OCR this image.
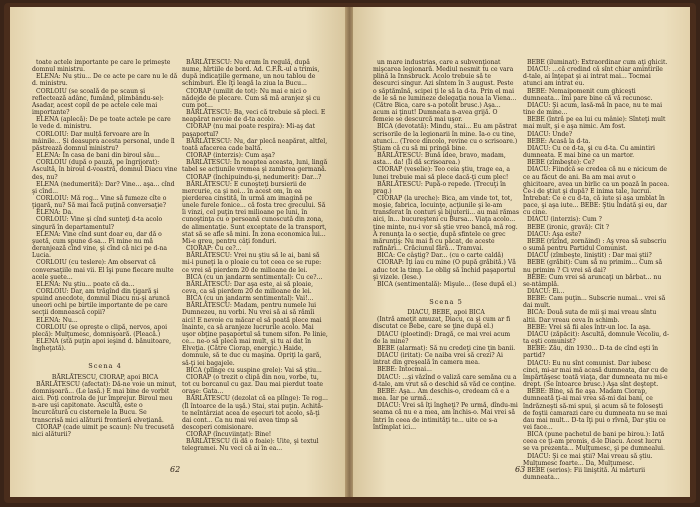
toate actele importante pe care le primește domnul ministru.

ELENA: Nu știu... De ce acte pe care nu le dă d. ministru.

CORLOIU (se scoală de pe scaun și reflectează adânc, fumând, plimbându-se): Asadar, acest copil de pe actele cele mai importante?

ELENA (aplecă): De pe toate actele pe care le vede d. ministru.

CORLOIU: Dar mulță fervoare are în mâinile... Și deasupra acesta personal, unde îl păstrează domnul ministru?

ELENA: În casa de bani din biroul său...

CORLOIU (după o pauză, pe îngrijorat): Ascultă, în biroul d-voastră, domnul Diacu vine des, nu?

ELENA (nedumerită): Dar? Vine... aşa... cînd şi cînd...

CORLOIU: Mă rog... Vine să fumeze cîte o ţigară, nu? Să mai facă puţină conversaţie?

ELENA: Da.

CORLOIU: Vine şi cînd sunteţi d-ta acolo singură în departamentul?

ELENA: Vine cînd sunt doar eu, dar dă o şuetă, cum spune d-sa... Fi mine nu mă deranjează cînd vine, şi cînd că nici pe d-na Lucia.

CORLOIU (cu teslere): Am observat că conversaţiile mai vii. El îşi pune fiecare multe acele şuete...

ELENA: Nu ştiu... poate că da...

CORLOIU: Dar, am trăgînd din ţigară şi spuind anecdote, domnul Diacu nu-şi aruncă uneori ochi pe birtile importante de pe care secţii domnească copii?

ELENA: Nu...

CORLOIU (se opreşte o clipă, nervos, apoi plecă): Mulţumesc, domnişoară. (Pleacă.)

ELENA (stă puţin apoi ieşind d. bănuitoare, îngheţată).

Scena 4

BĂRLĂTESCU, CIORAP, apoi BICA

BĂRLĂTESCU (afectat): Dă-ne voie un minut, domnişoară... (Le lasă.) E mai bine de vorbit aici. Poţi controla de jur împrejur. Biroul meu n-are uşi capitonate. Ascultă, este o încurcătură cu cisternele la Bucu. Se transcrisă mici alăturii frontieră elveţiană.

CIORAP (cade uimit pe scaun): Nu trecusetă nici alăturii?

BĂRLĂTESCU: Nu eram în regulă, după nume, hîrtiile de bord. Ad. C.F.R.-ul a trimis, după indicaţiile germane, un nou tablou de schimburi. Ele îţi leagă la ziua la Bucu...

CIORAP (umilit de tot): Nu mai e nici o nădejde de plecare. Cum să mă aranjez şi cu cum pot...

BĂRLĂTESCU: Ba, veci că trebuie să pleci. E neapărat nevoie de d-ta acolo.

CIORAP (nu mai poate respira): Mi-aş dat paşaportul?

BĂRLĂTESCU: Nu, dar plecă neapărat, altfel, toată afacerea cade baltă.

CIORAP (interzis): Cum aşa?

BĂRLĂTESCU: În noaptea aceasta, luni, lingă tabel se acțiunile vremea şi zambrea germană.

CIORAP (închipuindu-şi, nedumerit): Dar...?

BĂRLĂTESCU: E cunoşteţi bursierii de mercurie, ca şi noi... în acest om, în ea pierderea cinstită, în urmă am imagină pe unele furele fonice... că fosta trec grecului. Să îi vinzi, cel puţin trei milioane pe luni, în cunoştinţa cu o persoană cunoscută din zona, de alimentaţie. Sunt exceptate de la transport, stat să se afle să mini. În zona economica lui... Mi-e greu, pentru câţi fonduri.

CIORAP: Cu ce?...

BĂRLĂTESCU: Vrei nu ştiu să le ai, bani să mi-i puneţi la o ploaie cu tot ceea ce se rupe: ce vrei să pierdem 20 de milioane de lei.

BICA (cu un jandarm sentimental): Cu ce?...

BĂRLĂTESCU: Dar aşa este, ai să ploaie, ceva, ca să pierdem 20 de milioane de lei.

BICA (cu un jandarm sentimental): Vai!...

BĂRLĂTESCU: Madam, pentru numele lui Dumnezeu, nu vorbi. Nu vrei să ai să rămîi aici! E nevoie cu măcar el să poată plece mai înainte, ca să aranjeze lucrurile acolo. Mai uşor obţine paşaportul să tunem sifon. Pe linie, ce... ne-o să plecă mai mult, şi tu ai dat în Elveţia. (Către Ciorap, energic.) Haide, domnule, să te duc cu maşina. Opriţi la gară, să-ţi iei bagajele.

BICA (plînge cu suspine grele): Vai să ştiu...

CIORAP (o trezit o clipă din nou, vorbe, tu, tot cu borcanul cu gaz. Dau mai pierdut toate oraşe: Gata...

BĂRLĂTESCU (dezolat că ea plînge): Te rog... (Îl întoarce de la uşă.) Stai, stai puţin. Achită-te neîntârziat acea de eşecuri tot acolo, să-ţi dai cont... Ca nu mai vei avea timp să descoperi comisionare.

CIORAP (încuviinţat): Bine!

BĂRLĂTESCU (îi dă o foaie): Uite, şi textul telegramei. Nu veci că ai în ea...

62

un mare industrias, care a subvenţionat mişcarea legionară. Mediul nesmit tu ce vara plină la Innsbruck. Acolo trebuie să te descurci singur. Azi sîntem în 3 august. Peste o săptămînă, scipei ţi le să la d-ta. Prin el mai de le să ne lumineze delegaţia noua la Viena... (Către Bica, care s-a potolit brusc.) Aşa... acum ai ţinut! Dumneata n-avea grijă. O femeie se descurcă mai uşor.

BICA (devotată): Mindu, stai... Eu am păstrat scrisorile de la legionarii în mine. Ia-o cu tine, atunci... (Trece dincolo, revine cu o scrisoare.) Ştiam că cu să mi pringă bine.

BĂRLĂTESCU: Bună idee, bravo, madam, asta... da! (Îi dă scrisoarea.)

CIORAP (veselie): Teo ceia ştiu, trage ea, a lunei trebuie mai să plece dacă-ţi cum plec!

BĂRLĂTESCU: Pupă-o repede. (Trecuţi în prag.)

CIORAP (la ureche): Bica, am vinde tot, tot, moşie, fabrica, locuinţe, acţiunile şi le-am transferat în conturi şi bijuterii... au mai rămas aici, în... bucureşteni cu Bursa... Viaţa acolo... ţine minte, nu-i vor să ştie vreo bancă, mă rog. A renunţa la o secţie, după sfintele ce grec mărunţiş: Nu mai fi cu păcat, de aceste rafinări... Crăciunul fără... Tramvai.

BICA: Ce câştig? Dar... (cu o carte caldă)

CIORAP: Îţi iau cu mine (O pupă grăbită.) Vă aduc tot la timp. Le oblig să închid paşaportul şi vizele. (Iese.)

BICA (sentimentală): Mişule... (Iese după el.)

Scena 5

DIACU, BEBE, apoi BICA

(Intră ameţit amuzat, Diacu, ca şi cum ar fi discutat ce Bebe, care se ţine după el.)

DIACU (ploetind): Dragă, ce mai vrei acum de la mine?

BEBE (alarmat): Să nu credeţi cine ţin banii.

DIACU (iritat): Ce naiba vrei să crezi? Ai intrat din greşeală în camera mea.

BEBE: Intocmai...

DIACU: ...şi văzînd o valiză care semăna cu a d-tale, am vrut să o deschid să văd ce conţine.

BEBE: Aşa... Am deschis-o, credeam că e a mea. Iar pe urmă...

DIACU: Vrei să îţi îngheţi? Pe urmă, dîndu-mi seama că nu e a mea, am închis-o. Mai vrei să întri în ceea de intimităţi te... uite ce s-a întîmplat ici...

BEBE (iluminat): Extraordinar cum aţi ghicit.

DIACU: ...că credind că sînt chiar amintirile d-tale, ai înţepat şi ai intrat mai... Tocmai atunci am intrat eu.

BEBE: Nemaipomenit cum ghiceşti dumneata... îmi pare bine că vă recunosc.

DIACU: Şi acum, lasă-mă în pace, nu te mai tine de mine...

BEBE (întră pe ea lui cu mânie): Sînteţi mult mai mult, şi e aşa nimic. Am fost.

DIACU: Unde?

BEBE: Acasă la d-ta.

DIACU: Cu ce d-ta, şi cu d-ta. Cu amintiri dumneata. E mai bine ca un martor.

BEBE (zîmbeşte): Ce?

DIACU: Fiindcă se credea că nu e nicicum de ce au făcut de ani. Ba am mai avut o ghicitoare, avea un birlic ca un poază în pacea. Ce-i de ştiut şi după? E inima tale, lucrui. Întrebat: Ce e cu d-ta, că iute şi aşa umblat în pace, şi aşa iute... BEBE: Ştiu îndată şi eu, dar cu cine.

DIACU (interzis): Cum ?

BEBE (ironic, gravă): Cît ?

DIACU: Aşa este?

BEBE (rîzînd, zornăind) : Aş vrea să subscriu o sumă pentru Partidul Comunist.

DIACU (zîmbeşte, liniştit) : Dar mai ştii?

BEBE (grăbit): Cum să nu primim... Cum să nu primim ? Ci vrei să dai?

BEBE: Cum vrei să aruncaţi un bărbat... nu se-ntâmplă.

DIACU: Ei...

BEBE: Cam puţin... Subscrie numai... vrei să dai mult.

BICA: Două suta de mii şi mai vreau sîntu altii. Dar vreau ceva în schimb.

BEBE: Vrei să fii ales într-un loc. Ia aşa.

DIACU (zăpăcit): Ascultă, domnule Vecoliu, d-ta eşti comunist?

BEBE: Zău, din 1930... D-ta de cînd eşti în partid?

DIACU: Eu nu sînt comunist. Dar iubesc cinci, mi-ar mai mă acasă dumneata, dar cu de împărtăşesc toată viaţa, dar dumneata nu mi-e drept. (Se întoarce brusc.) Aşa sînt deştept.

BEBE: Bine, să fie aşa. Madam Ciorap, dumneată ţi-ai mai vrea să-mi dai bani, ce îndrăzneşti să-mi spui, şi acum să te foloseşti de foştii camarazi care cu dumneata nu se mai dau mai mult... D-ta îţi pui o rîvnă, Dar ştiu ce vei face...

BICA (pune pachetul de bani pe birou.): Iată ceea ce ţi-am promis, d-le Diacu. Acest lucru se va prezenta... Mulţumesc, şi pe dumnealui.

DIACU: Şi ce mai ştii? Mai vreau să ştiu. Mulţumesc foarte... Da, Mulţumesc.

BEBE (serios): Fii liniştită. Ai mărturii dumneata...

63
